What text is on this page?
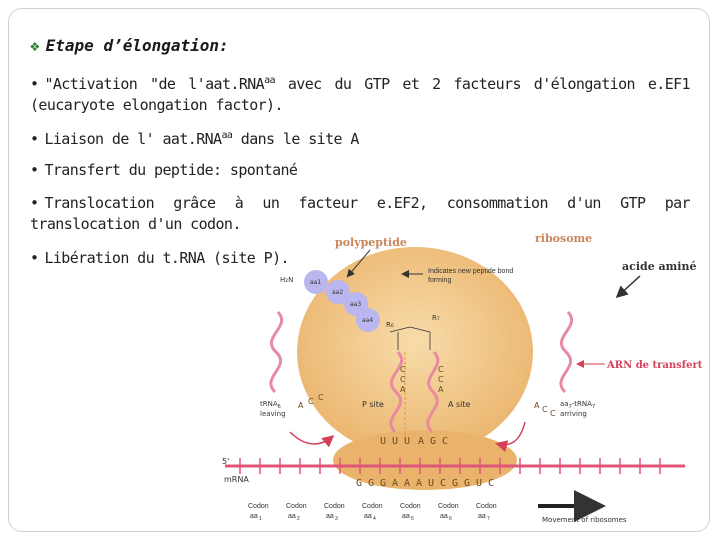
❖ Etape d’élongation:
• "Activation "de $l'aat.RNA^{aa}$ avec du GTP et 2 facteurs d'élongation e.EF1 (eucaryote elongation factor).
• Liaison de l' $aat.RNA^{aa}$ dans le site A
• Transfert du peptide: spontané
• Translocation grâce à un facteur e.EF2, consommation d'un GTP par translocation d'un codon.
• Libération du t.RNA (site P).
5'
mRNA
U U U A G C
G G G A A A U C G G U C
C
C
A
C
C
A
P site	A site
R₆
R₇
H₂N	aa1
aa2
aa3
aa4
polypeptide	ribosome
acide aminé
ARN de transfert
Indicates new peptide bond forming
A C C
tRNA$_6$
leaving
A C C
$aa_7-tRNA_7$
arriving
Codon
aa 1
Codon
aa 2
Codon
aa 3
Codon
aa 4
Codon
aa 5
Codon
aa 6
Codon
aa 7	Movement of ribosomes
